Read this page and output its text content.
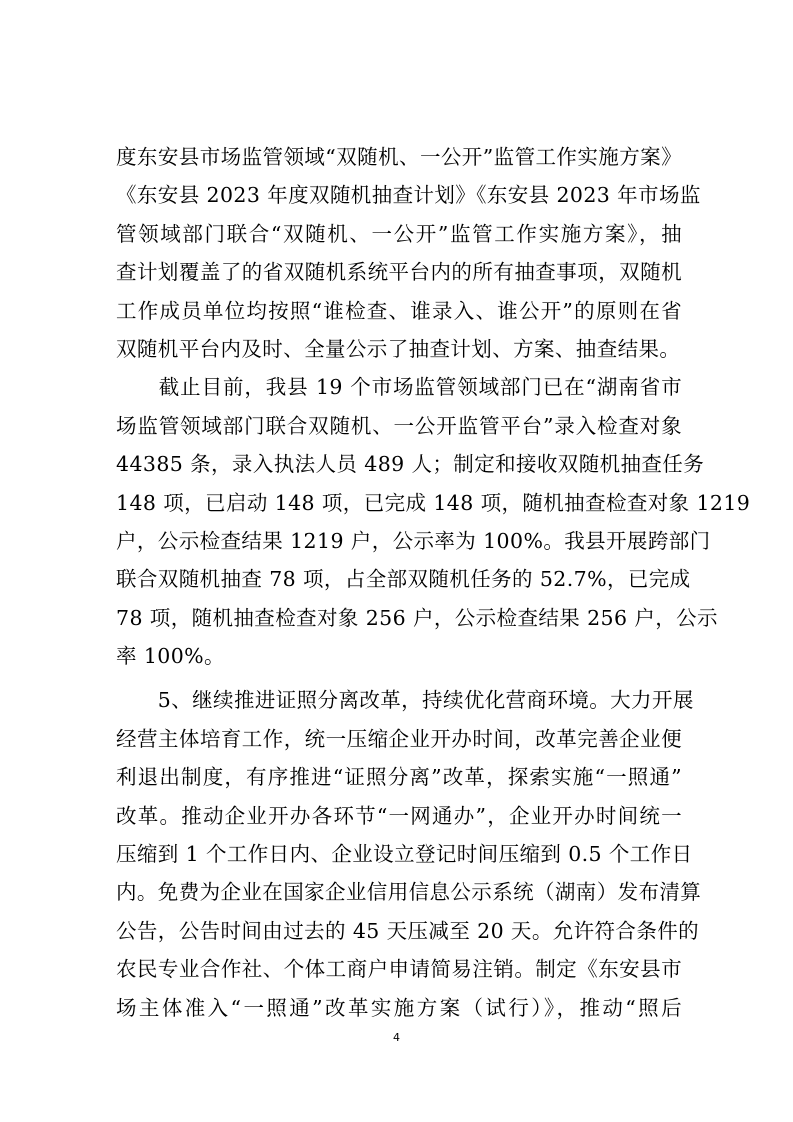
度东安县市场监管领域“双随机、一公开”监管工作实施方案》
《东安县 2023 年度双随机抽查计划》《东安县 2023 年市场监
管领域部门联合“双随机、一公开”监管工作实施方案》，抽
查计划覆盖了的省双随机系统平台内的所有抽查事项，双随机
工作成员单位均按照“谁检查、谁录入、谁公开”的原则在省
双随机平台内及时、全量公示了抽查计划、方案、抽查结果。
　　截止目前，我县 19 个市场监管领域部门已在“湖南省市
场监管领域部门联合双随机、一公开监管平台”录入检查对象
44385 条，录入执法人员 489 人；制定和接收双随机抽查任务
148 项，已启动 148 项，已完成 148 项，随机抽查检查对象 1219
户，公示检查结果 1219 户，公示率为 100%。我县开展跨部门
联合双随机抽查 78 项，占全部双随机任务的 52.7%，已完成
78 项，随机抽查检查对象 256 户，公示检查结果 256 户，公示
率 100%。
　　5、继续推进证照分离改革，持续优化营商环境。大力开展
经营主体培育工作，统一压缩企业开办时间，改革完善企业便
利退出制度，有序推进“证照分离”改革，探索实施“一照通”
改革。推动企业开办各环节“一网通办”，企业开办时间统一
压缩到 1 个工作日内、企业设立登记时间压缩到 0.5 个工作日
内。免费为企业在国家企业信用信息公示系统（湖南）发布清算
公告，公告时间由过去的 45 天压减至 20 天。允许符合条件的
农民专业合作社、个体工商户申请简易注销。制定《东安县市
场主体准入“一照通”改革实施方案（试行）》，推动“照后
4
